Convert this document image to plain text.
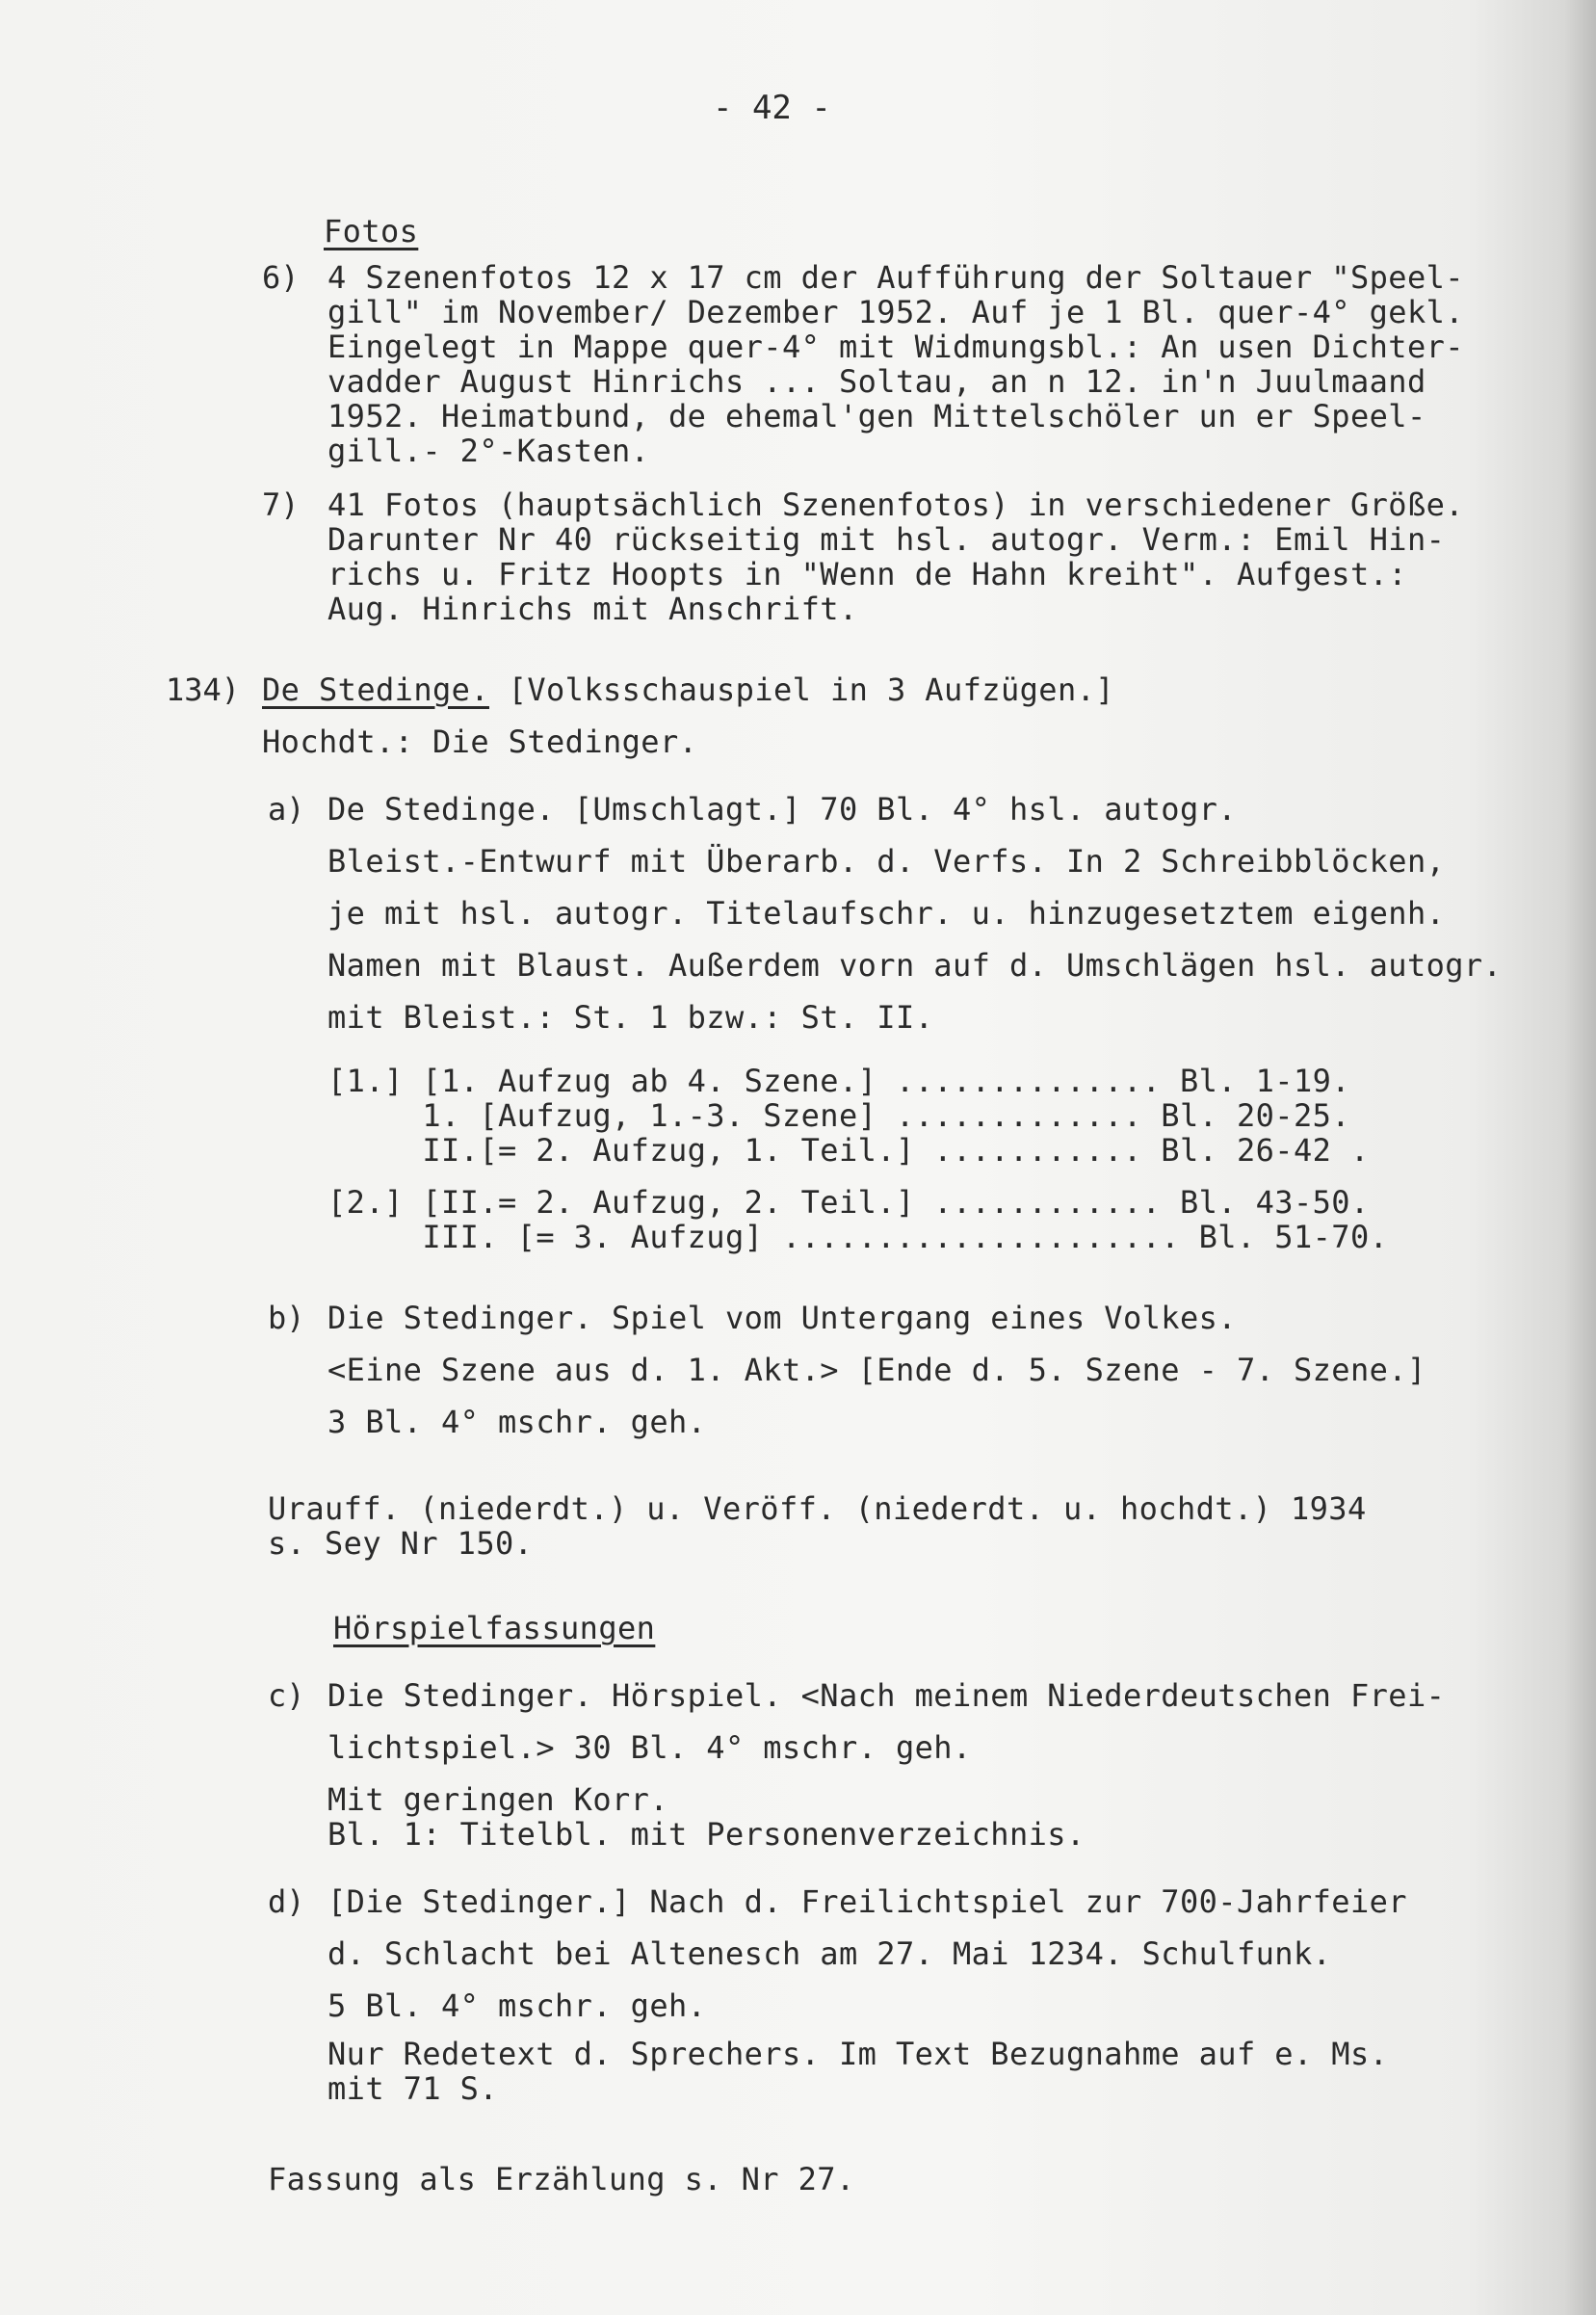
- 42 -
Fotos
6) 4 Szenenfotos 12 x 17 cm der Aufführung der Soltauer "Speel-
gill" im November/ Dezember 1952. Auf je 1 Bl. quer-4° gekl.
Eingelegt in Mappe quer-4° mit Widmungsbl.: An usen Dichter-
vadder August Hinrichs ... Soltau, an n 12. in'n Juulmaand
1952. Heimatbund, de ehemal'gen Mittelschöler un er Speel-
gill.- 2°-Kasten.
7) 41 Fotos (hauptsächlich Szenenfotos) in verschiedener Größe.
Darunter Nr 40 rückseitig mit hsl. autogr. Verm.: Emil Hin-
richs u. Fritz Hoopts in "Wenn de Hahn kreiht". Aufgest.:
Aug. Hinrichs mit Anschrift.
134) De Stedinge. [Volksschauspiel in 3 Aufzügen.]
Hochdt.: Die Stedinger.
a) De Stedinge. [Umschlagt.] 70 Bl. 4° hsl. autogr.
Bleist.-Entwurf mit Überarb. d. Verfs. In 2 Schreibblöcken,
je mit hsl. autogr. Titelaufschr. u. hinzugesetztem eigenh.
Namen mit Blaust. Außerdem vorn auf d. Umschlägen hsl. autogr.
mit Bleist.: St. 1 bzw.: St. II.
[1.] [1. Aufzug ab 4. Szene.] .............. Bl. 1-19.
1. [Aufzug, 1.-3. Szene] ............. Bl. 20-25.
II.[= 2. Aufzug, 1. Teil.] ........... Bl. 26-42 .
[2.] [II.= 2. Aufzug, 2. Teil.] ............ Bl. 43-50.
III. [= 3. Aufzug] ..................... Bl. 51-70.
b) Die Stedinger. Spiel vom Untergang eines Volkes.
<Eine Szene aus d. 1. Akt.> [Ende d. 5. Szene - 7. Szene.]
3 Bl. 4° mschr. geh.
Urauff. (niederdt.) u. Veröff. (niederdt. u. hochdt.) 1934
s. Sey Nr 150.
Hörspielfassungen
c) Die Stedinger. Hörspiel. <Nach meinem Niederdeutschen Frei-
lichtspiel.> 30 Bl. 4° mschr. geh.
Mit geringen Korr.
Bl. 1: Titelbl. mit Personenverzeichnis.
d) [Die Stedinger.] Nach d. Freilichtspiel zur 700-Jahrfeier
d. Schlacht bei Altenesch am 27. Mai 1234. Schulfunk.
5 Bl. 4° mschr. geh.
Nur Redetext d. Sprechers. Im Text Bezugnahme auf e. Ms.
mit 71 S.
Fassung als Erzählung s. Nr 27.
